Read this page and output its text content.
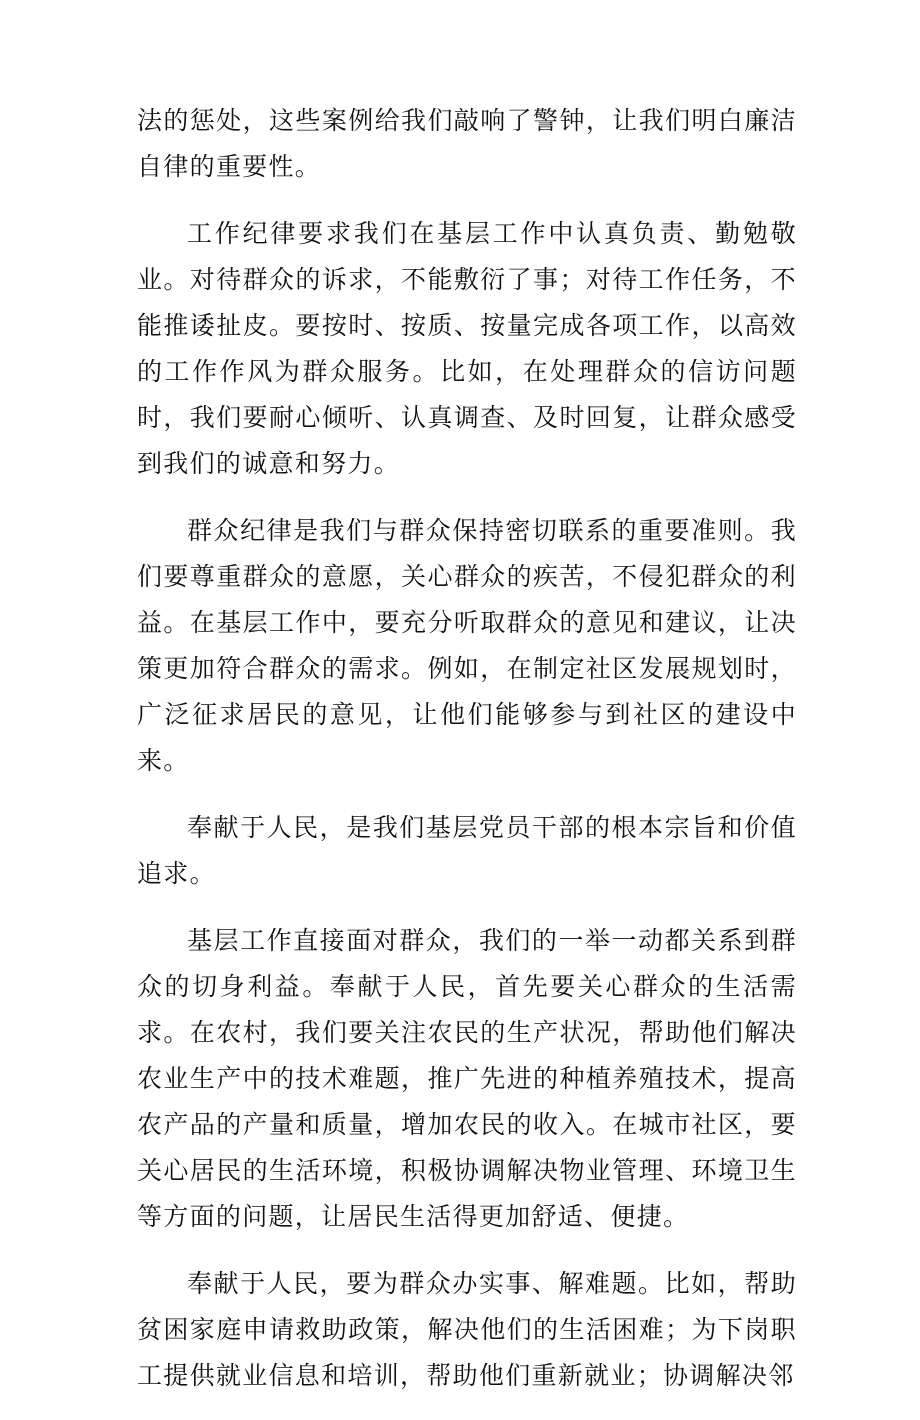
法的惩处，这些案例给我们敲响了警钟，让我们明白廉洁自律的重要性。

工作纪律要求我们在基层工作中认真负责、勤勉敬业。对待群众的诉求，不能敷衍了事；对待工作任务，不能推诿扯皮。要按时、按质、按量完成各项工作，以高效的工作作风为群众服务。比如，在处理群众的信访问题时，我们要耐心倾听、认真调查、及时回复，让群众感受到我们的诚意和努力。

群众纪律是我们与群众保持密切联系的重要准则。我们要尊重群众的意愿，关心群众的疾苦，不侵犯群众的利益。在基层工作中，要充分听取群众的意见和建议，让决策更加符合群众的需求。例如，在制定社区发展规划时，广泛征求居民的意见，让他们能够参与到社区的建设中来。

奉献于人民，是我们基层党员干部的根本宗旨和价值追求。

基层工作直接面对群众，我们的一举一动都关系到群众的切身利益。奉献于人民，首先要关心群众的生活需求。在农村，我们要关注农民的生产状况，帮助他们解决农业生产中的技术难题，推广先进的种植养殖技术，提高农产品的产量和质量，增加农民的收入。在城市社区，要关心居民的生活环境，积极协调解决物业管理、环境卫生等方面的问题，让居民生活得更加舒适、便捷。

奉献于人民，要为群众办实事、解难题。比如，帮助贫困家庭申请救助政策，解决他们的生活困难；为下岗职工提供就业信息和培训，帮助他们重新就业；协调解决邻
